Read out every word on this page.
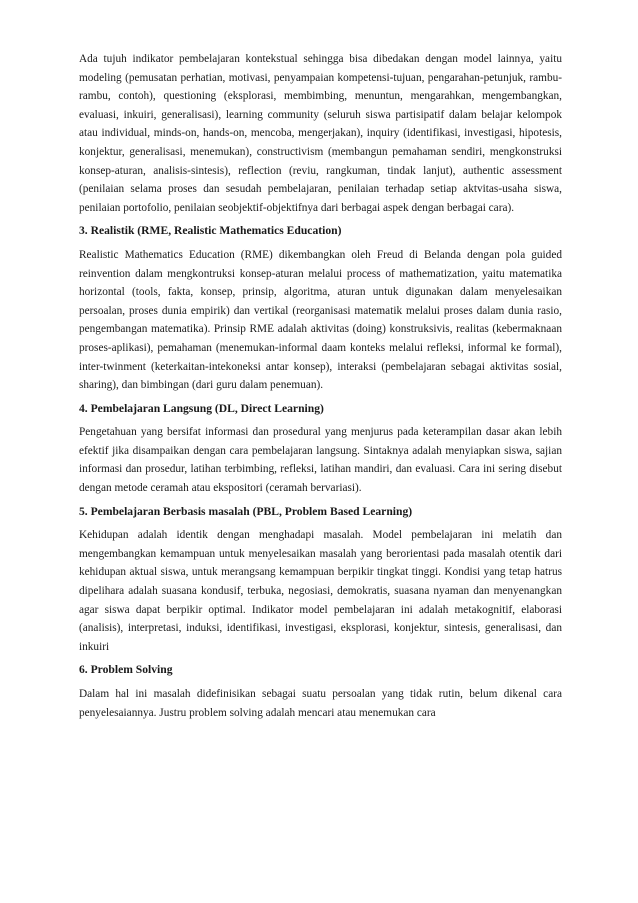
Ada tujuh indikator pembelajaran kontekstual sehingga bisa dibedakan dengan model lainnya, yaitu modeling (pemusatan perhatian, motivasi, penyampaian kompetensi-tujuan, pengarahan-petunjuk, rambu-rambu, contoh), questioning (eksplorasi, membimbing, menuntun, mengarahkan, mengembangkan, evaluasi, inkuiri, generalisasi), learning community (seluruh siswa partisipatif dalam belajar kelompok atau individual, minds-on, hands-on, mencoba, mengerjakan), inquiry (identifikasi, investigasi, hipotesis, konjektur, generalisasi, menemukan), constructivism (membangun pemahaman sendiri, mengkonstruksi konsep-aturan, analisis-sintesis), reflection (reviu, rangkuman, tindak lanjut), authentic assessment (penilaian selama proses dan sesudah pembelajaran, penilaian terhadap setiap aktvitas-usaha siswa, penilaian portofolio, penilaian seobjektif-objektifnya dari berbagai aspek dengan berbagai cara).

3. Realistik (RME, Realistic Mathematics Education)

Realistic Mathematics Education (RME) dikembangkan oleh Freud di Belanda dengan pola guided reinvention dalam mengkontruksi konsep-aturan melalui process of mathematization, yaitu matematika horizontal (tools, fakta, konsep, prinsip, algoritma, aturan untuk digunakan dalam menyelesaikan persoalan, proses dunia empirik) dan vertikal (reorganisasi matematik melalui proses dalam dunia rasio, pengembangan matematika). Prinsip RME adalah aktivitas (doing) konstruksivis, realitas (kebermaknaan proses-aplikasi), pemahaman (menemukan-informal daam konteks melalui refleksi, informal ke formal), inter-twinment (keterkaitan-intekoneksi antar konsep), interaksi (pembelajaran sebagai aktivitas sosial, sharing), dan bimbingan (dari guru dalam penemuan).

4. Pembelajaran Langsung (DL, Direct Learning)

Pengetahuan yang bersifat informasi dan prosedural yang menjurus pada keterampilan dasar akan lebih efektif jika disampaikan dengan cara pembelajaran langsung. Sintaknya adalah menyiapkan siswa, sajian informasi dan prosedur, latihan terbimbing, refleksi, latihan mandiri, dan evaluasi. Cara ini sering disebut dengan metode ceramah atau ekspositori (ceramah bervariasi).

5. Pembelajaran Berbasis masalah (PBL, Problem Based Learning)

Kehidupan adalah identik dengan menghadapi masalah. Model pembelajaran ini melatih dan mengembangkan kemampuan untuk menyelesaikan masalah yang berorientasi pada masalah otentik dari kehidupan aktual siswa, untuk merangsang kemampuan berpikir tingkat tinggi. Kondisi yang tetap hatrus dipelihara adalah suasana kondusif, terbuka, negosiasi, demokratis, suasana nyaman dan menyenangkan agar siswa dapat berpikir optimal. Indikator model pembelajaran ini adalah metakognitif, elaborasi (analisis), interpretasi, induksi, identifikasi, investigasi, eksplorasi, konjektur, sintesis, generalisasi, dan inkuiri

6. Problem Solving

Dalam hal ini masalah didefinisikan sebagai suatu persoalan yang tidak rutin, belum dikenal cara penyelesaiannya. Justru problem solving adalah mencari atau menemukan cara
